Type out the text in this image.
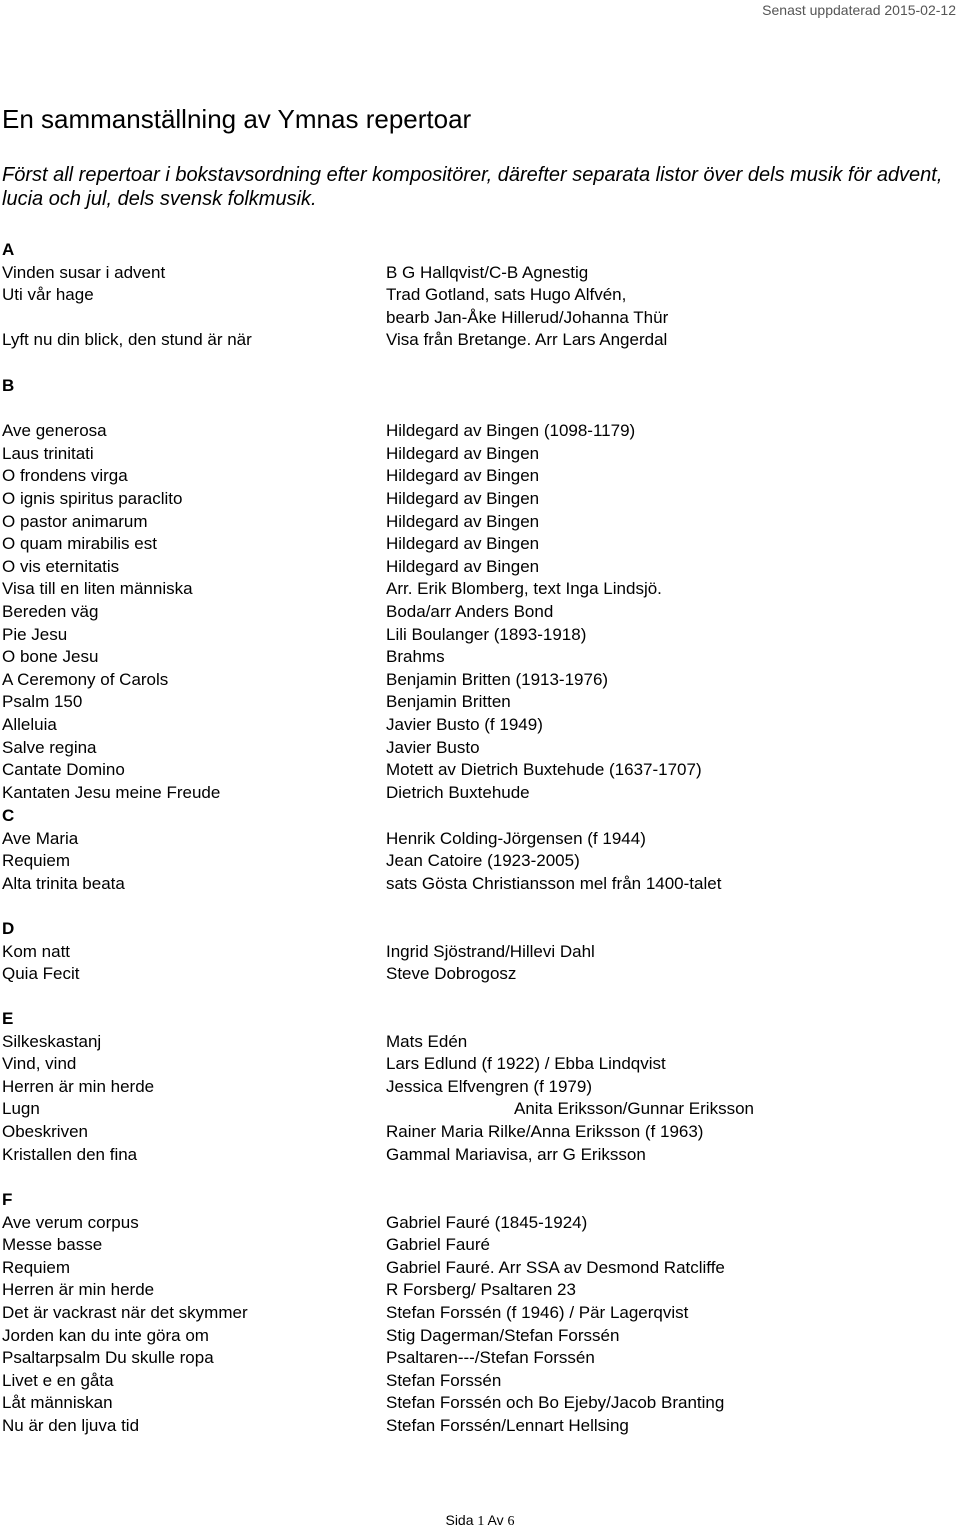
Senast uppdaterad 2015-02-12
En sammanställning av Ymnas repertoar
Först all repertoar i bokstavsordning efter kompositörer, därefter separata listor över dels musik för advent, lucia och jul, dels svensk folkmusik.
A
Vinden susar i advent	B G Hallqvist/C-B Agnestig
Uti vår hage	Trad Gotland, sats Hugo Alfvén,
bearb Jan-Åke Hillerud/Johanna Thür
Lyft nu din blick, den stund är när	Visa från Bretange. Arr Lars Angerdal
B
Ave generosa	Hildegard av Bingen (1098-1179)
Laus trinitati	Hildegard av Bingen
O frondens virga	Hildegard av Bingen
O ignis spiritus paraclito	Hildegard av Bingen
O pastor animarum	Hildegard av Bingen
O quam mirabilis est	Hildegard av Bingen
O vis eternitatis	Hildegard av Bingen
Visa till en liten människa	Arr. Erik Blomberg, text Inga Lindsjö.
Bereden väg	Boda/arr Anders Bond
Pie Jesu	Lili Boulanger (1893-1918)
O bone Jesu	Brahms
A Ceremony of Carols	Benjamin Britten (1913-1976)
Psalm 150	Benjamin Britten
Alleluia	Javier Busto (f 1949)
Salve regina	Javier Busto
Cantate Domino	Motett av Dietrich Buxtehude (1637-1707)
Kantaten Jesu meine Freude	Dietrich Buxtehude
C
Ave Maria	Henrik Colding-Jörgensen (f 1944)
Requiem	Jean Catoire (1923-2005)
Alta trinita beata	sats Gösta Christiansson mel från 1400-talet
D
Kom natt	Ingrid Sjöstrand/Hillevi Dahl
Quia Fecit	Steve Dobrogosz
E
Silkeskastanj	Mats Edén
Vind, vind	Lars Edlund (f 1922) / Ebba Lindqvist
Herren är min herde	Jessica Elfvengren (f 1979)
Lugn	Anita Eriksson/Gunnar Eriksson
Obeskriven	Rainer Maria Rilke/Anna Eriksson (f 1963)
Kristallen den fina	Gammal Mariavisa, arr G Eriksson
F
Ave verum corpus	Gabriel Fauré (1845-1924)
Messe basse	Gabriel Fauré
Requiem	Gabriel Fauré. Arr SSA av Desmond Ratcliffe
Herren är min herde	R Forsberg/ Psaltaren 23
Det är vackrast när det skymmer	Stefan Forssén (f 1946) / Pär Lagerqvist
Jorden kan du inte göra om	Stig Dagerman/Stefan Forssén
Psaltarpsalm Du skulle ropa	Psaltaren---/Stefan Forssén
Livet e en gåta	Stefan Forssén
Låt människan	Stefan Forssén och Bo Ejeby/Jacob Branting
Nu är den ljuva tid	Stefan Forssén/Lennart Hellsing
Sida 1 Av 6
